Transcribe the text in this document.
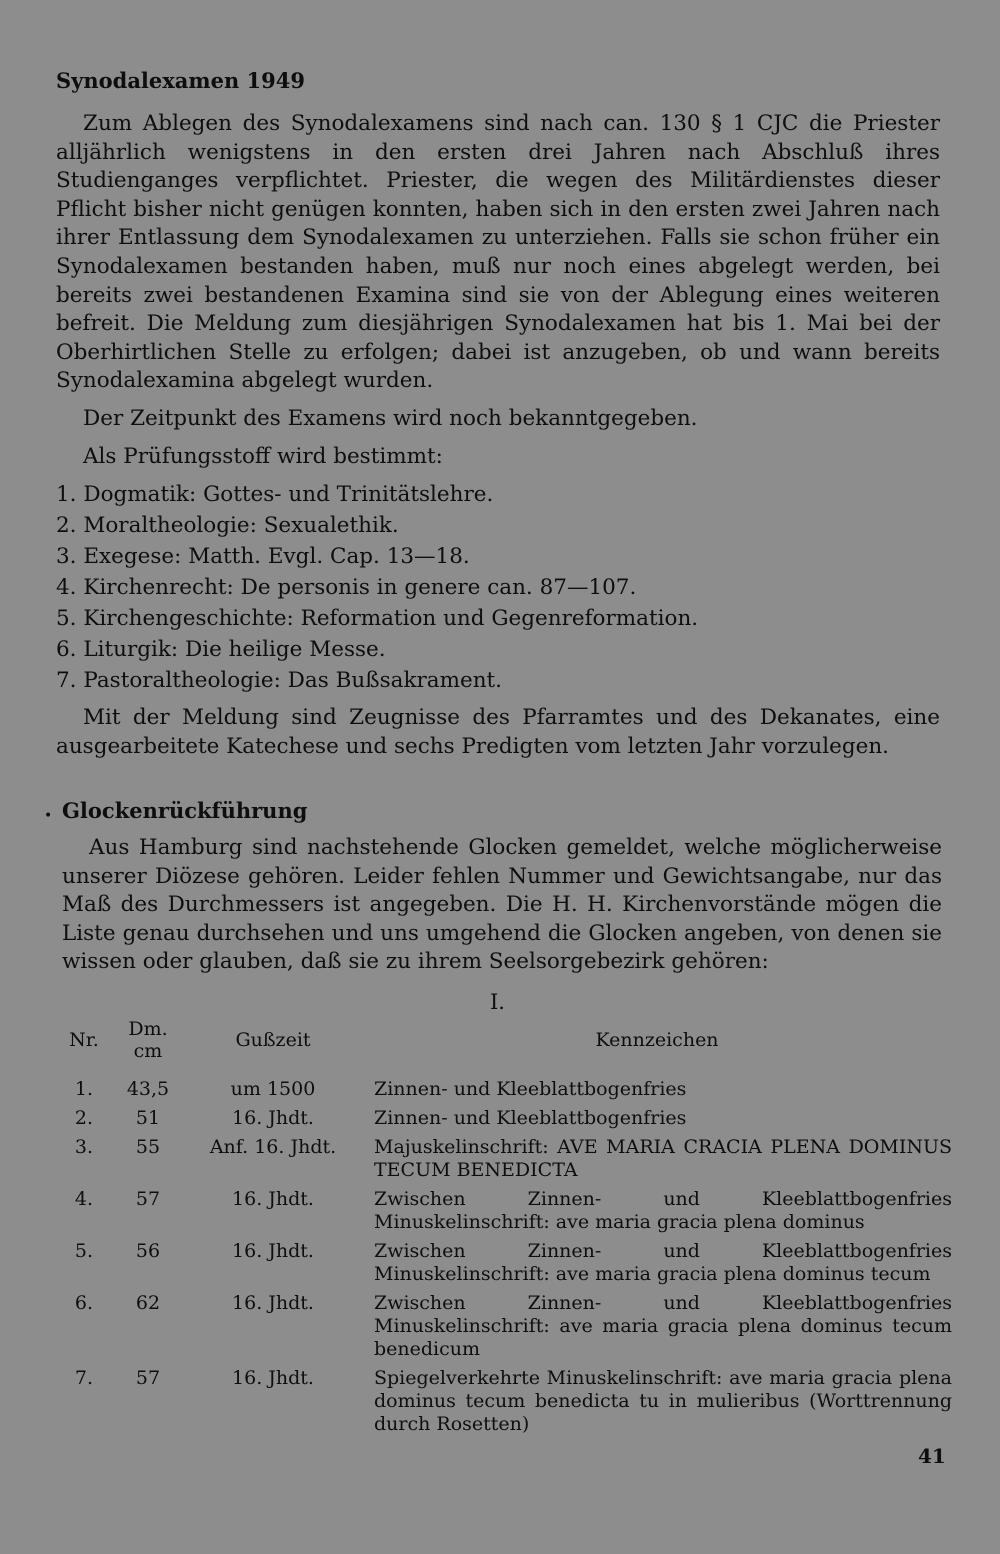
Synodalexamen 1949

Zum Ablegen des Synodalexamens sind nach can. 130 § 1 CJC die Priester alljährlich wenigstens in den ersten drei Jahren nach Abschluß ihres Studienganges verpflichtet. Priester, die wegen des Militärdienstes dieser Pflicht bisher nicht genügen konnten, haben sich in den ersten zwei Jahren nach ihrer Entlassung dem Synodalexamen zu unterziehen. Falls sie schon früher ein Synodalexamen bestanden haben, muß nur noch eines abgelegt werden, bei bereits zwei bestandenen Examina sind sie von der Ablegung eines weiteren befreit. Die Meldung zum diesjährigen Synodalexamen hat bis 1. Mai bei der Oberhirtlichen Stelle zu erfolgen; dabei ist anzugeben, ob und wann bereits Synodalexamina abgelegt wurden.

Der Zeitpunkt des Examens wird noch bekanntgegeben.

Als Prüfungsstoff wird bestimmt:

1. Dogmatik: Gottes- und Trinitätslehre.
2. Moraltheologie: Sexualethik.
3. Exegese: Matth. Evgl. Cap. 13—18.
4. Kirchenrecht: De personis in genere can. 87—107.
5. Kirchengeschichte: Reformation und Gegenreformation.
6. Liturgik: Die heilige Messe.
7. Pastoraltheologie: Das Bußsakrament.

Mit der Meldung sind Zeugnisse des Pfarramtes und des Dekanates, eine ausgearbeitete Katechese und sechs Predigten vom letzten Jahr vorzulegen.

• Glockenrückführung

Aus Hamburg sind nachstehende Glocken gemeldet, welche möglicherweise unserer Diözese gehören. Leider fehlen Nummer und Gewichtsangabe, nur das Maß des Durchmessers ist angegeben. Die H. H. Kirchenvorstände mögen die Liste genau durchsehen und uns umgehend die Glocken angeben, von denen sie wissen oder glauben, daß sie zu ihrem Seelsorgebezirk gehören:

I.
Nr.	Dm. cm	Gußzeit	Kennzeichen
1.	43,5	um 1500	Zinnen- und Kleeblattbogenfries
2.	51	16. Jhdt.	Zinnen- und Kleeblattbogenfries
3.	55	Anf. 16. Jhdt.	Majuskelinschrift: AVE MARIA CRACIA PLENA DOMINUS TECUM BENEDICTA
4.	57	16. Jhdt.	Zwischen Zinnen- und Kleeblattbogenfries Minuskelinschrift: ave maria gracia plena dominus
5.	56	16. Jhdt.	Zwischen Zinnen- und Kleeblattbogenfries Minuskelinschrift: ave maria gracia plena dominus tecum
6.	62	16. Jhdt.	Zwischen Zinnen- und Kleeblattbogenfries Minuskelinschrift: ave maria gracia plena dominus tecum benedicum
7.	57	16. Jhdt.	Spiegelverkehrte Minuskelinschrift: ave maria gracia plena dominus tecum benedicta tu in mulieribus (Worttrennung durch Rosetten)
41
